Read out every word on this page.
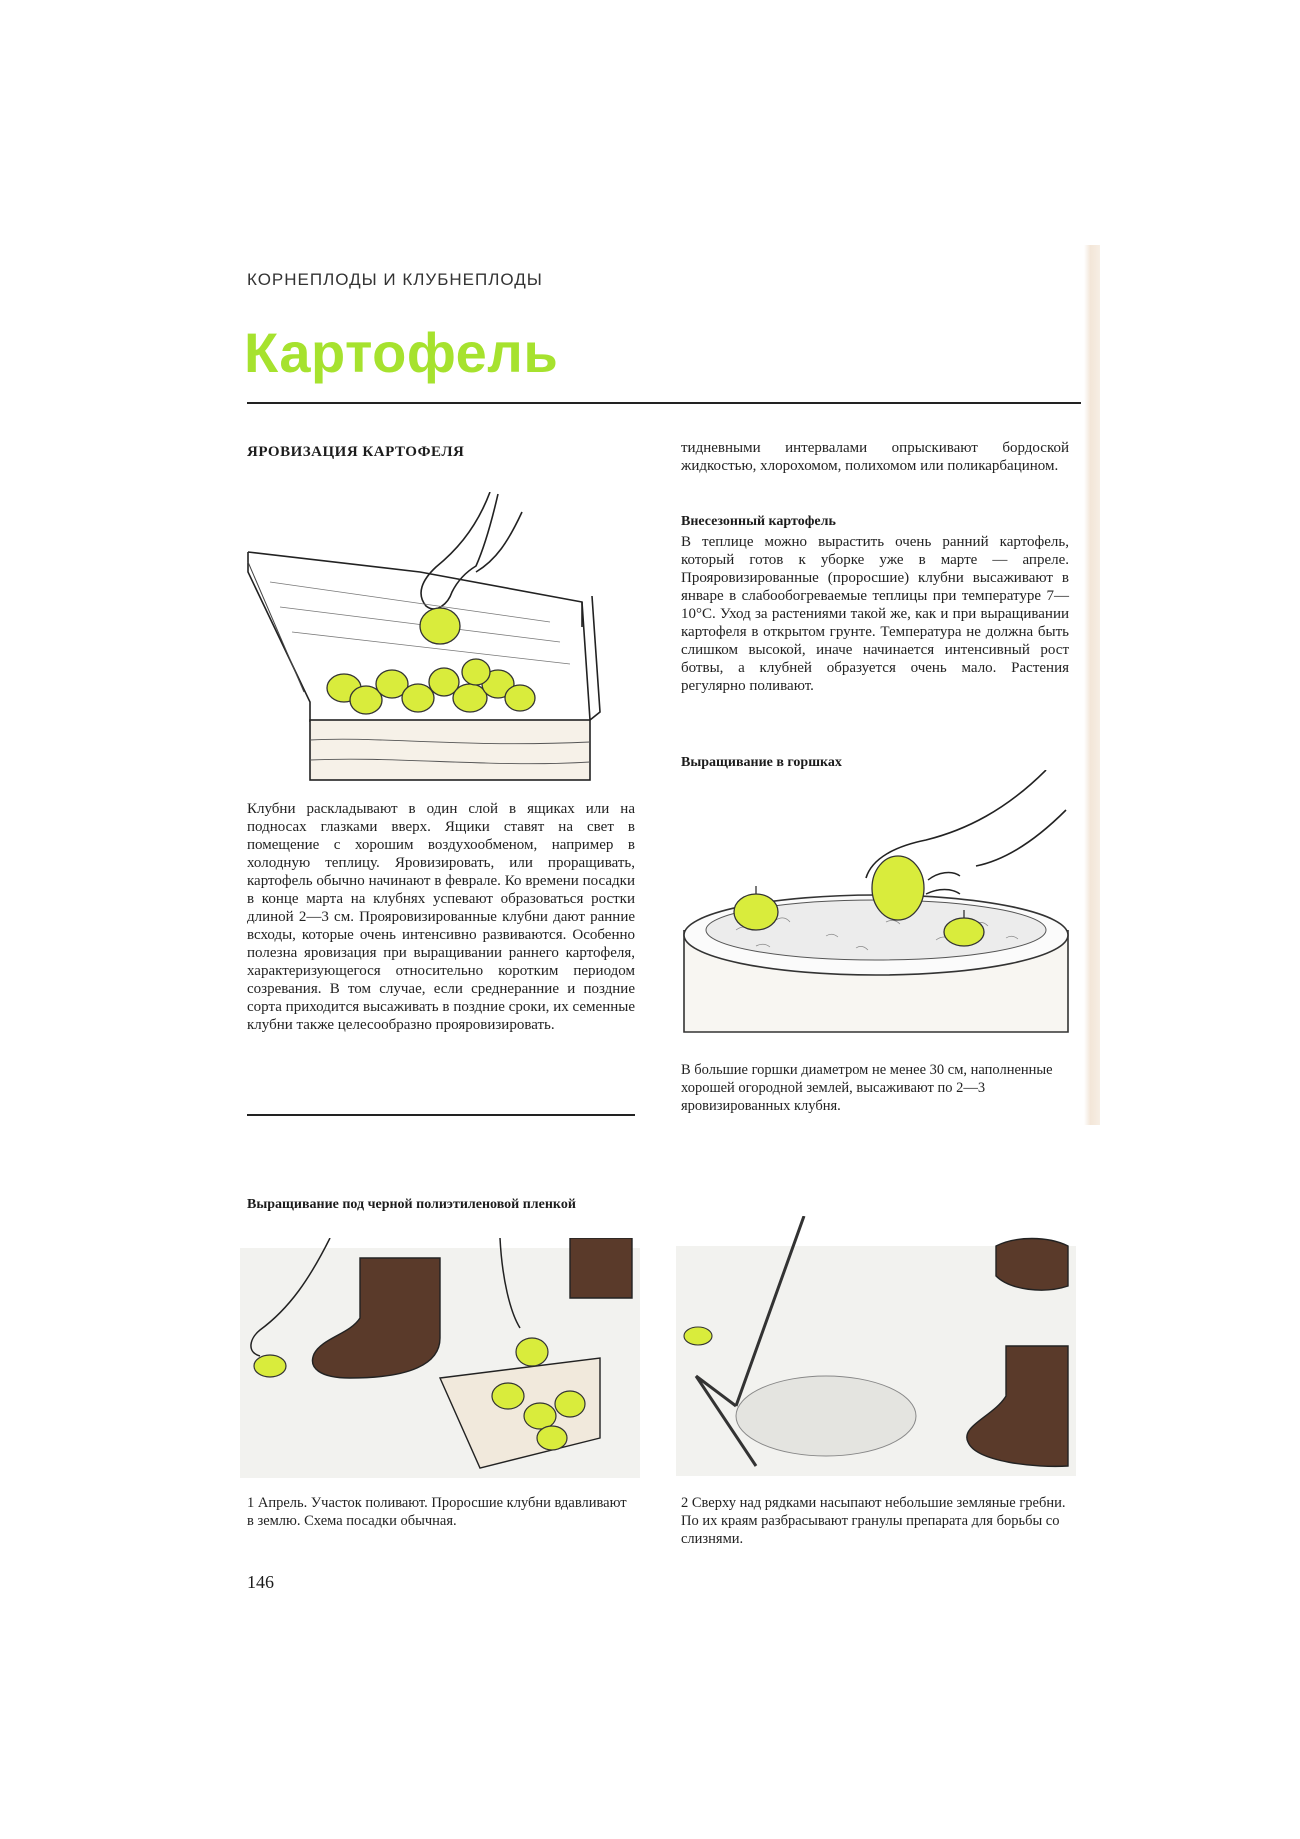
КОРНЕПЛОДЫ И КЛУБНЕПЛОДЫ
Картофель
ЯРОВИЗАЦИЯ КАРТОФЕЛЯ
Клубни раскладывают в один слой в ящиках или на подносах глазками вверх. Ящики ставят на свет в помещение с хорошим воздухообменом, например в холодную теплицу. Яровизировать, или проращивать, картофель обычно начинают в феврале. Ко времени посадки в конце марта на клубнях успевают образоваться ростки длиной 2—3 см. Прояровизированные клубни дают ранние всходы, которые очень интенсивно развиваются. Особенно полезна яровизация при выращивании раннего картофеля, характеризующегося относительно коротким периодом созревания. В том случае, если среднеранние и поздние сорта приходится высаживать в поздние сроки, их семенные клубни также целесообразно прояровизировать.
тидневными интервалами опрыскивают бордоской жидкостью, хлорохомом, полихомом или поликарбацином.
Внесезонный картофель
В теплице можно вырастить очень ранний картофель, который готов к уборке уже в марте — апреле. Прояровизированные (проросшие) клубни высаживают в январе в слабообогреваемые теплицы при температуре 7—10°С. Уход за растениями такой же, как и при выращивании картофеля в открытом грунте. Температура не должна быть слишком высокой, иначе начинается интенсивный рост ботвы, а клубней образуется очень мало. Растения регулярно поливают.
Выращивание в горшках
В большие горшки диаметром не менее 30 см, наполненные хорошей огородной землей, высаживают по 2—3 яровизированных клубня.
Выращивание под черной полиэтиленовой пленкой
1 Апрель. Участок поливают. Проросшие клубни вдавливают в землю. Схема посадки обычная.
2 Сверху над рядками насыпают небольшие земляные гребни. По их краям разбрасывают гранулы препарата для борьбы со слизнями.
146
